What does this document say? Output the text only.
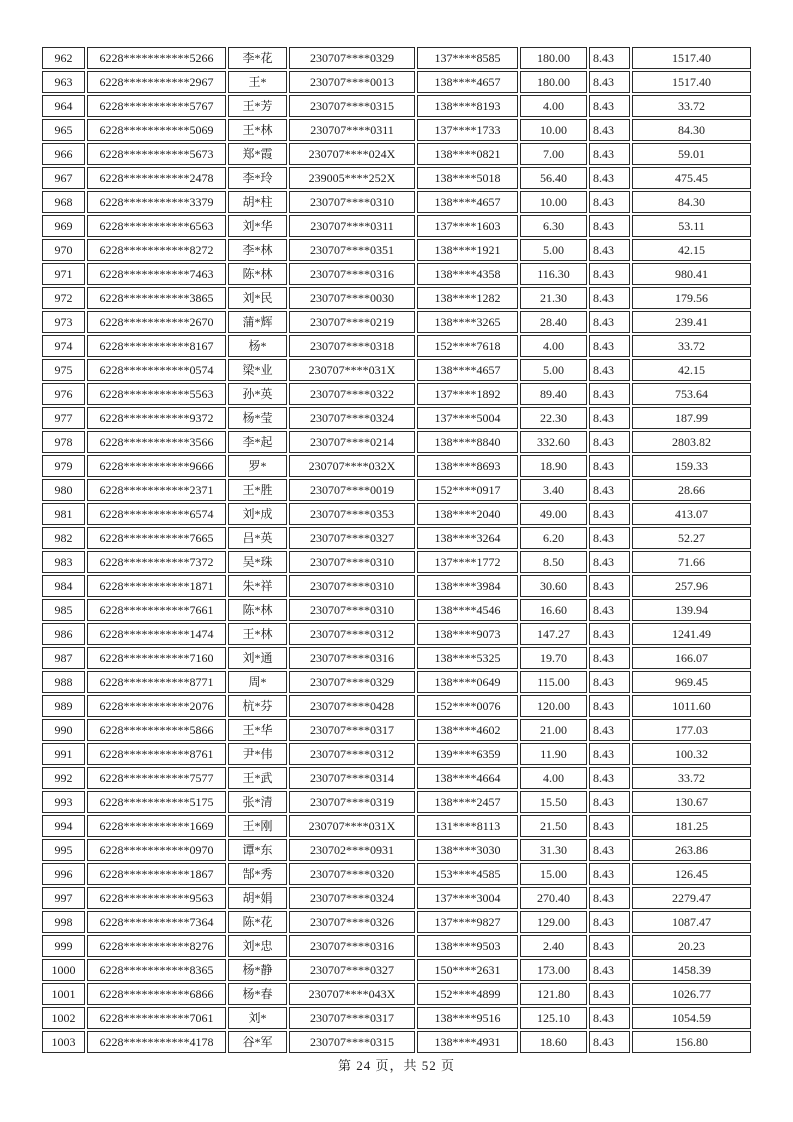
962	6228***********5266	李*花	230707****0329	137****8585	180.00	8.43	1517.40
963	6228***********2967	王*	230707****0013	138****4657	180.00	8.43	1517.40
964	6228***********5767	王*芳	230707****0315	138****8193	4.00	8.43	33.72
965	6228***********5069	王*林	230707****0311	137****1733	10.00	8.43	84.30
966	6228***********5673	郑*霞	230707****024X	138****0821	7.00	8.43	59.01
967	6228***********2478	李*玲	239005****252X	138****5018	56.40	8.43	475.45
968	6228***********3379	胡*柱	230707****0310	138****4657	10.00	8.43	84.30
969	6228***********6563	刘*华	230707****0311	137****1603	6.30	8.43	53.11
970	6228***********8272	李*林	230707****0351	138****1921	5.00	8.43	42.15
971	6228***********7463	陈*林	230707****0316	138****4358	116.30	8.43	980.41
972	6228***********3865	刘*民	230707****0030	138****1282	21.30	8.43	179.56
973	6228***********2670	蒲*辉	230707****0219	138****3265	28.40	8.43	239.41
974	6228***********8167	杨*	230707****0318	152****7618	4.00	8.43	33.72
975	6228***********0574	梁*业	230707****031X	138****4657	5.00	8.43	42.15
976	6228***********5563	孙*英	230707****0322	137****1892	89.40	8.43	753.64
977	6228***********9372	杨*莹	230707****0324	137****5004	22.30	8.43	187.99
978	6228***********3566	李*起	230707****0214	138****8840	332.60	8.43	2803.82
979	6228***********9666	罗*	230707****032X	138****8693	18.90	8.43	159.33
980	6228***********2371	王*胜	230707****0019	152****0917	3.40	8.43	28.66
981	6228***********6574	刘*成	230707****0353	138****2040	49.00	8.43	413.07
982	6228***********7665	吕*英	230707****0327	138****3264	6.20	8.43	52.27
983	6228***********7372	吴*珠	230707****0310	137****1772	8.50	8.43	71.66
984	6228***********1871	朱*祥	230707****0310	138****3984	30.60	8.43	257.96
985	6228***********7661	陈*林	230707****0310	138****4546	16.60	8.43	139.94
986	6228***********1474	王*林	230707****0312	138****9073	147.27	8.43	1241.49
987	6228***********7160	刘*通	230707****0316	138****5325	19.70	8.43	166.07
988	6228***********8771	周*	230707****0329	138****0649	115.00	8.43	969.45
989	6228***********2076	杭*芬	230707****0428	152****0076	120.00	8.43	1011.60
990	6228***********5866	王*华	230707****0317	138****4602	21.00	8.43	177.03
991	6228***********8761	尹*伟	230707****0312	139****6359	11.90	8.43	100.32
992	6228***********7577	王*武	230707****0314	138****4664	4.00	8.43	33.72
993	6228***********5175	张*清	230707****0319	138****2457	15.50	8.43	130.67
994	6228***********1669	王*刚	230707****031X	131****8113	21.50	8.43	181.25
995	6228***********0970	谭*东	230702****0931	138****3030	31.30	8.43	263.86
996	6228***********1867	郜*秀	230707****0320	153****4585	15.00	8.43	126.45
997	6228***********9563	胡*娟	230707****0324	137****3004	270.40	8.43	2279.47
998	6228***********7364	陈*花	230707****0326	137****9827	129.00	8.43	1087.47
999	6228***********8276	刘*忠	230707****0316	138****9503	2.40	8.43	20.23
1000	6228***********8365	杨*静	230707****0327	150****2631	173.00	8.43	1458.39
1001	6228***********6866	杨*春	230707****043X	152****4899	121.80	8.43	1026.77
1002	6228***********7061	刘*	230707****0317	138****9516	125.10	8.43	1054.59
1003	6228***********4178	谷*军	230707****0315	138****4931	18.60	8.43	156.80
第 24 页，共 52 页
